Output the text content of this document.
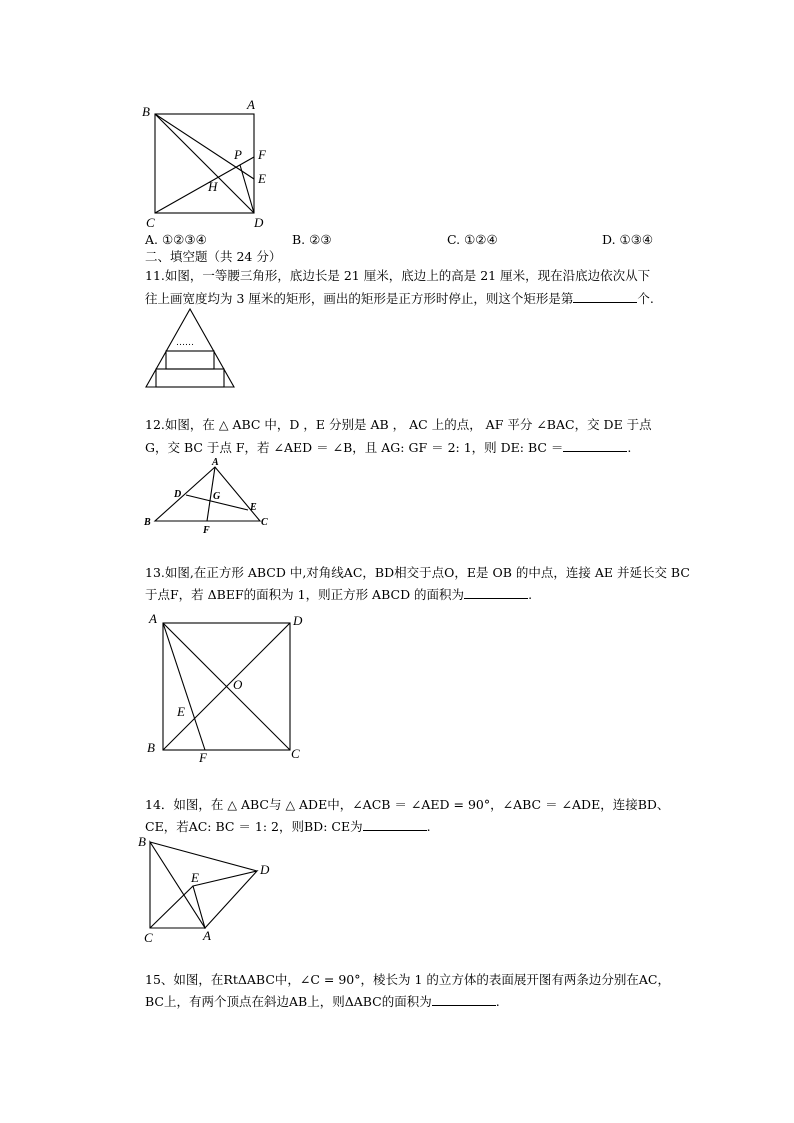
B	A
P F
E
H
C	D
A. ①②③④	B. ②③	C. ①②④	D. ①③④
二、填空题（共 24 分）
11.如图，一等腰三角形，底边长是 21 厘米，底边上的高是 21 厘米，现在沿底边依次从下
往上画宽度均为 3 厘米的矩形，画出的矩形是正方形时停止，则这个矩形是第	个.
……
12.如图，在 △ ABC 中，D ，E 分别是 AB ， AC 上的点， AF 平分 ∠BAC，交 DE 于点
G，交 BC 于点 F，若 ∠AED ＝ ∠B，且 AG: GF ＝ 2: 1，则 DE: BC ＝	.
A
D	G
E
B
F
C
13.如图,在正方形 ABCD 中,对角线AC，BD相交于点O，E是 OB 的中点，连接 AE 并延长交 BC
于点F，若 ΔBEF的面积为 1，则正方形 ABCD 的面积为	.
A	D
O
E
B
F	C
14．如图，在 △ ABC与 △ ADE中，∠ACB ＝ ∠AED = 90°，∠ABC ＝ ∠ADE，连接BD、
CE，若AC: BC ＝ 1: 2，则BD: CE为	.
B
E
D
C	A
15、如图，在RtΔABC中，∠C = 90°，棱长为 1 的立方体的表面展开图有两条边分别在AC，
BC上，有两个顶点在斜边AB上，则ΔABC的面积为	.
